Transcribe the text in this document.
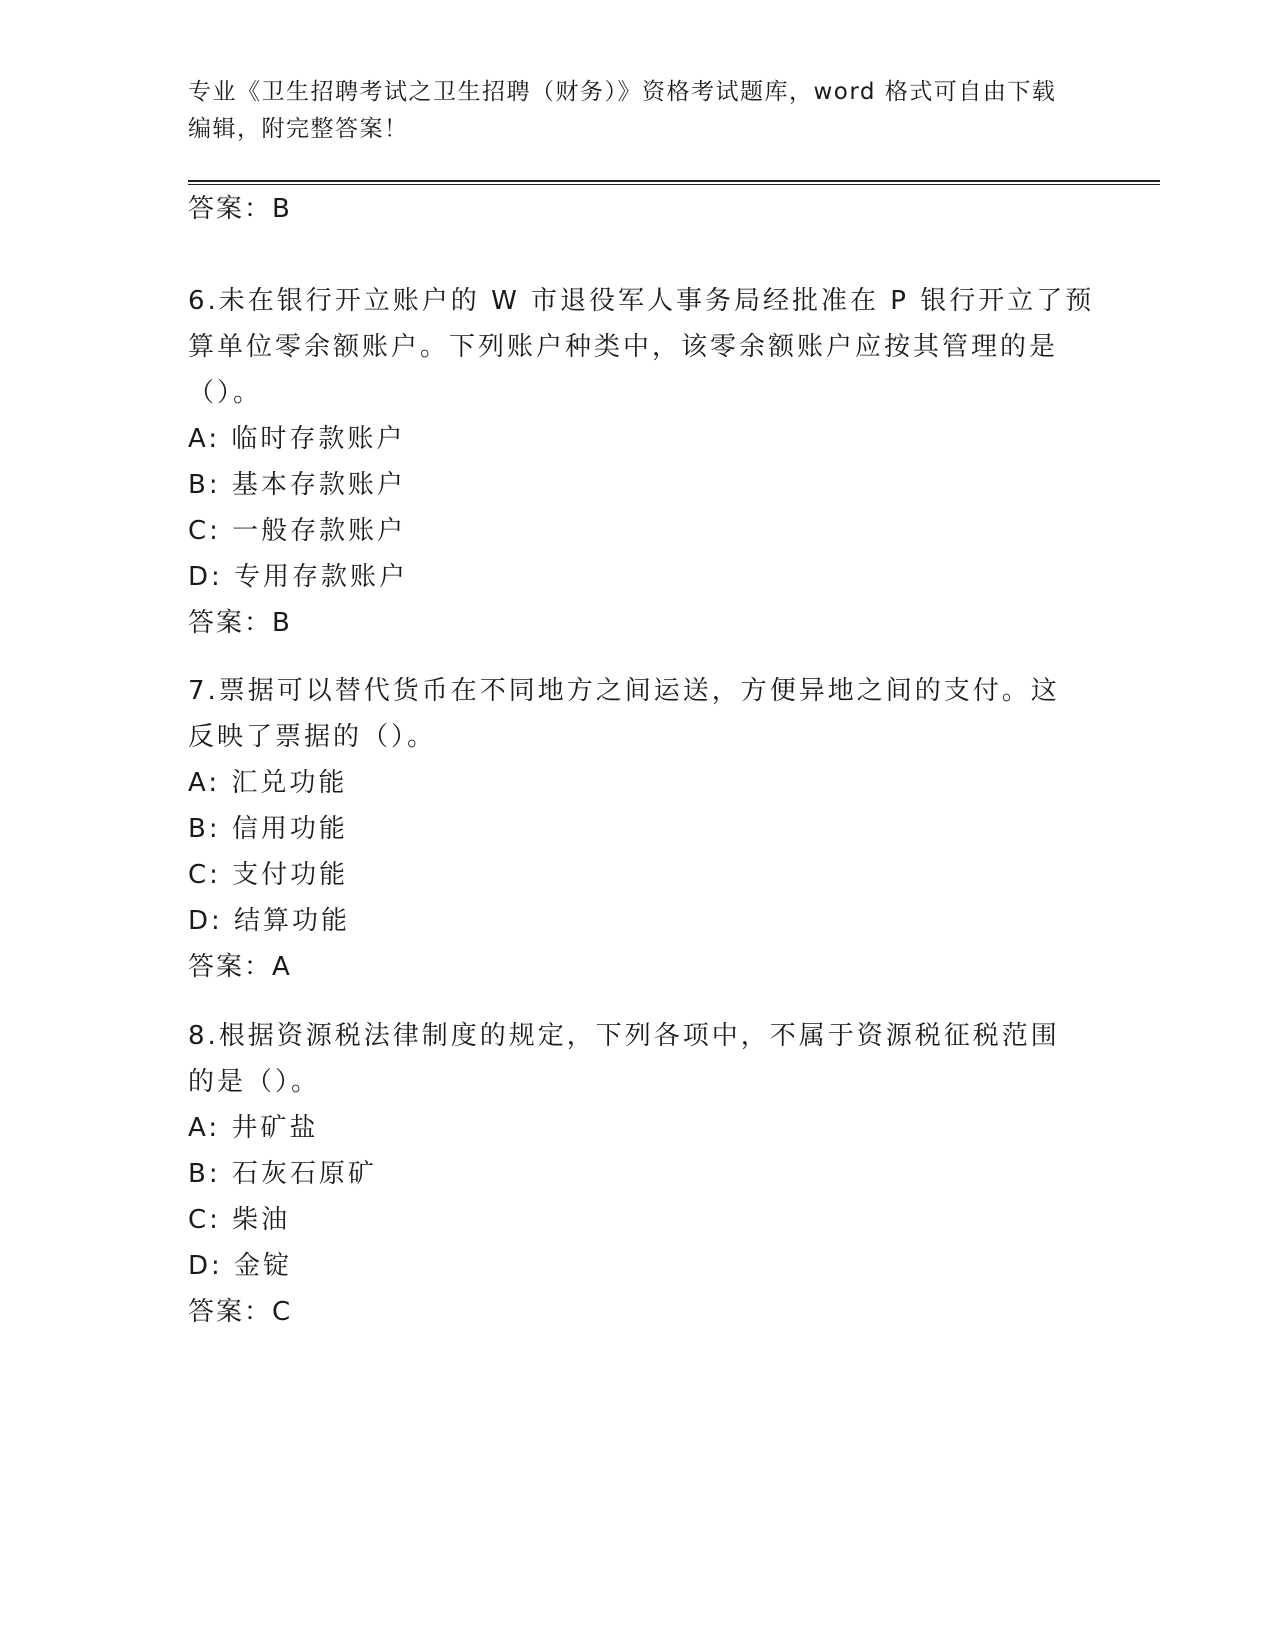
专业《卫生招聘考试之卫生招聘（财务）》资格考试题库，word 格式可自由下载
编辑，附完整答案！
答案：B
6.未在银行开立账户的 W 市退役军人事务局经批准在 P 银行开立了预
算单位零余额账户。下列账户种类中，该零余额账户应按其管理的是
（）。
A: 临时存款账户
B: 基本存款账户
C: 一般存款账户
D: 专用存款账户
答案：B
7.票据可以替代货币在不同地方之间运送，方便异地之间的支付。这
反映了票据的（）。
A: 汇兑功能
B: 信用功能
C: 支付功能
D: 结算功能
答案：A
8.根据资源税法律制度的规定，下列各项中，不属于资源税征税范围
的是（）。
A: 井矿盐
B: 石灰石原矿
C: 柴油
D: 金锭
答案：C
